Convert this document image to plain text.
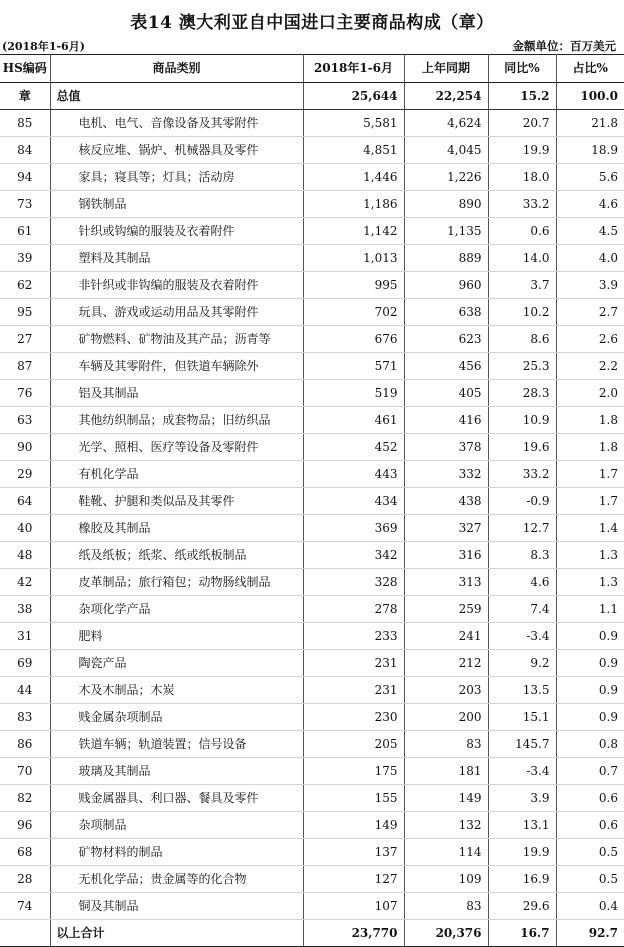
表14 澳大利亚自中国进口主要商品构成（章）
(2018年1-6月)	金额单位：百万美元
HS编码	商品类别	2018年1-6月	上年同期	同比%	占比%
章	总值	25,644	22,254	15.2	100.0
85	电机、电气、音像设备及其零附件	5,581	4,624	20.7	21.8
84	核反应堆、锅炉、机械器具及零件	4,851	4,045	19.9	18.9
94	家具；寝具等；灯具；活动房	1,446	1,226	18.0	5.6
73	钢铁制品	1,186	890	33.2	4.6
61	针织或钩编的服装及衣着附件	1,142	1,135	0.6	4.5
39	塑料及其制品	1,013	889	14.0	4.0
62	非针织或非钩编的服装及衣着附件	995	960	3.7	3.9
95	玩具、游戏或运动用品及其零附件	702	638	10.2	2.7
27	矿物燃料、矿物油及其产品；沥青等	676	623	8.6	2.6
87	车辆及其零附件，但铁道车辆除外	571	456	25.3	2.2
76	铝及其制品	519	405	28.3	2.0
63	其他纺织制品；成套物品；旧纺织品	461	416	10.9	1.8
90	光学、照相、医疗等设备及零附件	452	378	19.6	1.8
29	有机化学品	443	332	33.2	1.7
64	鞋靴、护腿和类似品及其零件	434	438	-0.9	1.7
40	橡胶及其制品	369	327	12.7	1.4
48	纸及纸板；纸浆、纸或纸板制品	342	316	8.3	1.3
42	皮革制品；旅行箱包；动物肠线制品	328	313	4.6	1.3
38	杂项化学产品	278	259	7.4	1.1
31	肥料	233	241	-3.4	0.9
69	陶瓷产品	231	212	9.2	0.9
44	木及木制品；木炭	231	203	13.5	0.9
83	贱金属杂项制品	230	200	15.1	0.9
86	铁道车辆；轨道装置；信号设备	205	83	145.7	0.8
70	玻璃及其制品	175	181	-3.4	0.7
82	贱金属器具、利口器、餐具及零件	155	149	3.9	0.6
96	杂项制品	149	132	13.1	0.6
68	矿物材料的制品	137	114	19.9	0.5
28	无机化学品；贵金属等的化合物	127	109	16.9	0.5
74	铜及其制品	107	83	29.6	0.4
	以上合计	23,770	20,376	16.7	92.7
